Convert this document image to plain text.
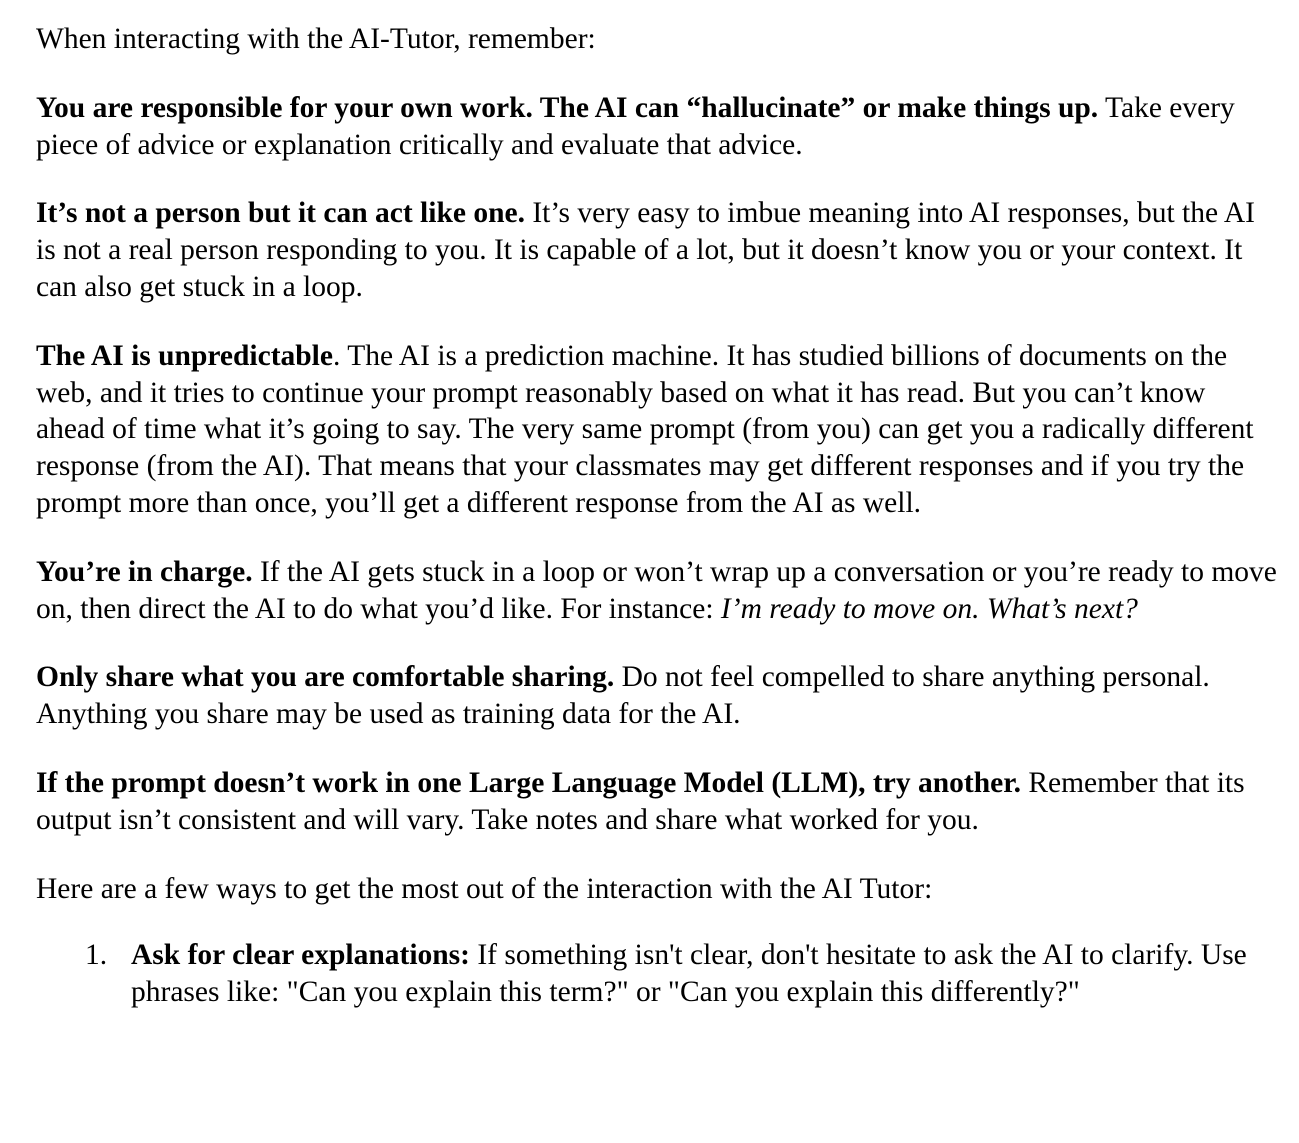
When interacting with the AI-Tutor, remember:

You are responsible for your own work. The AI can “hallucinate” or make things up. Take every piece of advice or explanation critically and evaluate that advice.

It’s not a person but it can act like one. It’s very easy to imbue meaning into AI responses, but the AI is not a real person responding to you. It is capable of a lot, but it doesn’t know you or your context. It can also get stuck in a loop.

The AI is unpredictable. The AI is a prediction machine. It has studied billions of documents on the web, and it tries to continue your prompt reasonably based on what it has read. But you can’t know ahead of time what it’s going to say. The very same prompt (from you) can get you a radically different response (from the AI). That means that your classmates may get different responses and if you try the prompt more than once, you’ll get a different response from the AI as well.

You’re in charge. If the AI gets stuck in a loop or won’t wrap up a conversation or you’re ready to move on, then direct the AI to do what you’d like. For instance: I’m ready to move on. What’s next?

Only share what you are comfortable sharing. Do not feel compelled to share anything personal. Anything you share may be used as training data for the AI.

If the prompt doesn’t work in one Large Language Model (LLM), try another. Remember that its output isn’t consistent and will vary. Take notes and share what worked for you.

Here are a few ways to get the most out of the interaction with the AI Tutor:

1. Ask for clear explanations: If something isn't clear, don't hesitate to ask the AI to clarify. Use phrases like: "Can you explain this term?" or "Can you explain this differently?"
